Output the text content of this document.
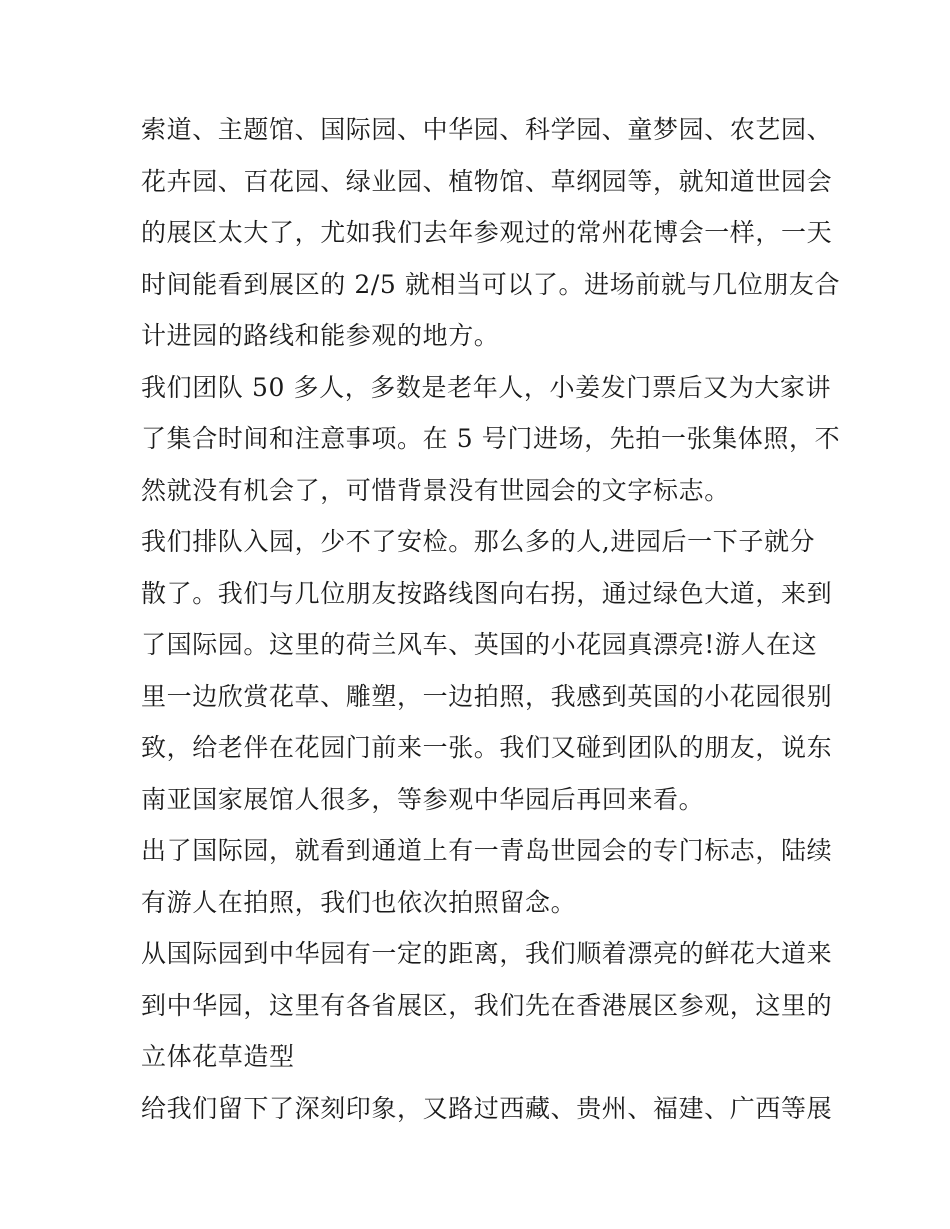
索道、主题馆、国际园、中华园、科学园、童梦园、农艺园、
花卉园、百花园、绿业园、植物馆、草纲园等，就知道世园会
的展区太大了，尤如我们去年参观过的常州花博会一样，一天
时间能看到展区的 2/5 就相当可以了。进场前就与几位朋友合
计进园的路线和能参观的地方。
我们团队 50 多人，多数是老年人，小姜发门票后又为大家讲
了集合时间和注意事项。在 5 号门进场，先拍一张集体照，不
然就没有机会了，可惜背景没有世园会的文字标志。
我们排队入园，少不了安检。那么多的人,进园后一下子就分
散了。我们与几位朋友按路线图向右拐，通过绿色大道，来到
了国际园。这里的荷兰风车、英国的小花园真漂亮!游人在这
里一边欣赏花草、雕塑，一边拍照，我感到英国的小花园很别
致，给老伴在花园门前来一张。我们又碰到团队的朋友，说东
南亚国家展馆人很多，等参观中华园后再回来看。
出了国际园，就看到通道上有一青岛世园会的专门标志，陆续
有游人在拍照，我们也依次拍照留念。
从国际园到中华园有一定的距离，我们顺着漂亮的鲜花大道来
到中华园，这里有各省展区，我们先在香港展区参观，这里的
立体花草造型
给我们留下了深刻印象，又路过西藏、贵州、福建、广西等展
